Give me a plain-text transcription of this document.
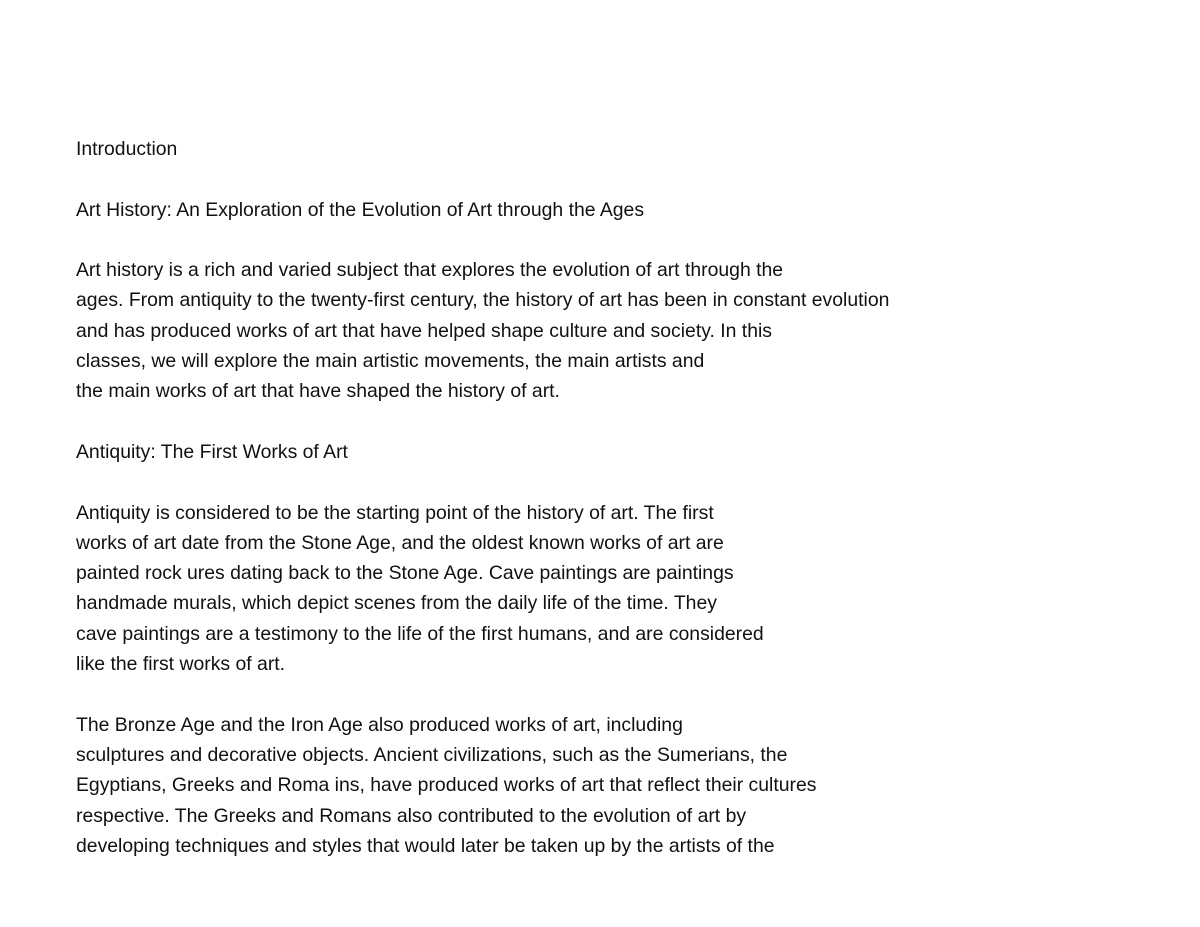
Introduction

Art History: An Exploration of the Evolution of Art through the Ages

Art history is a rich and varied subject that explores the evolution of art through the
ages. From antiquity to the twenty-first century, the history of art has been in constant evolution
and has produced works of art that have helped shape culture and society. In this
classes, we will explore the main artistic movements, the main artists and
the main works of art that have shaped the history of art.

Antiquity: The First Works of Art

Antiquity is considered to be the starting point of the history of art. The first
works of art date from the Stone Age, and the oldest known works of art are
painted rock ures dating back to the Stone Age. Cave paintings are paintings
handmade murals, which depict scenes from the daily life of the time. They
cave paintings are a testimony to the life of the first humans, and are considered
like the first works of art.

The Bronze Age and the Iron Age also produced works of art, including
sculptures and decorative objects. Ancient civilizations, such as the Sumerians, the
Egyptians, Greeks and Roma ins, have produced works of art that reflect their cultures
respective. The Greeks and Romans also contributed to the evolution of art by
developing techniques and styles that would later be taken up by the artists of the
